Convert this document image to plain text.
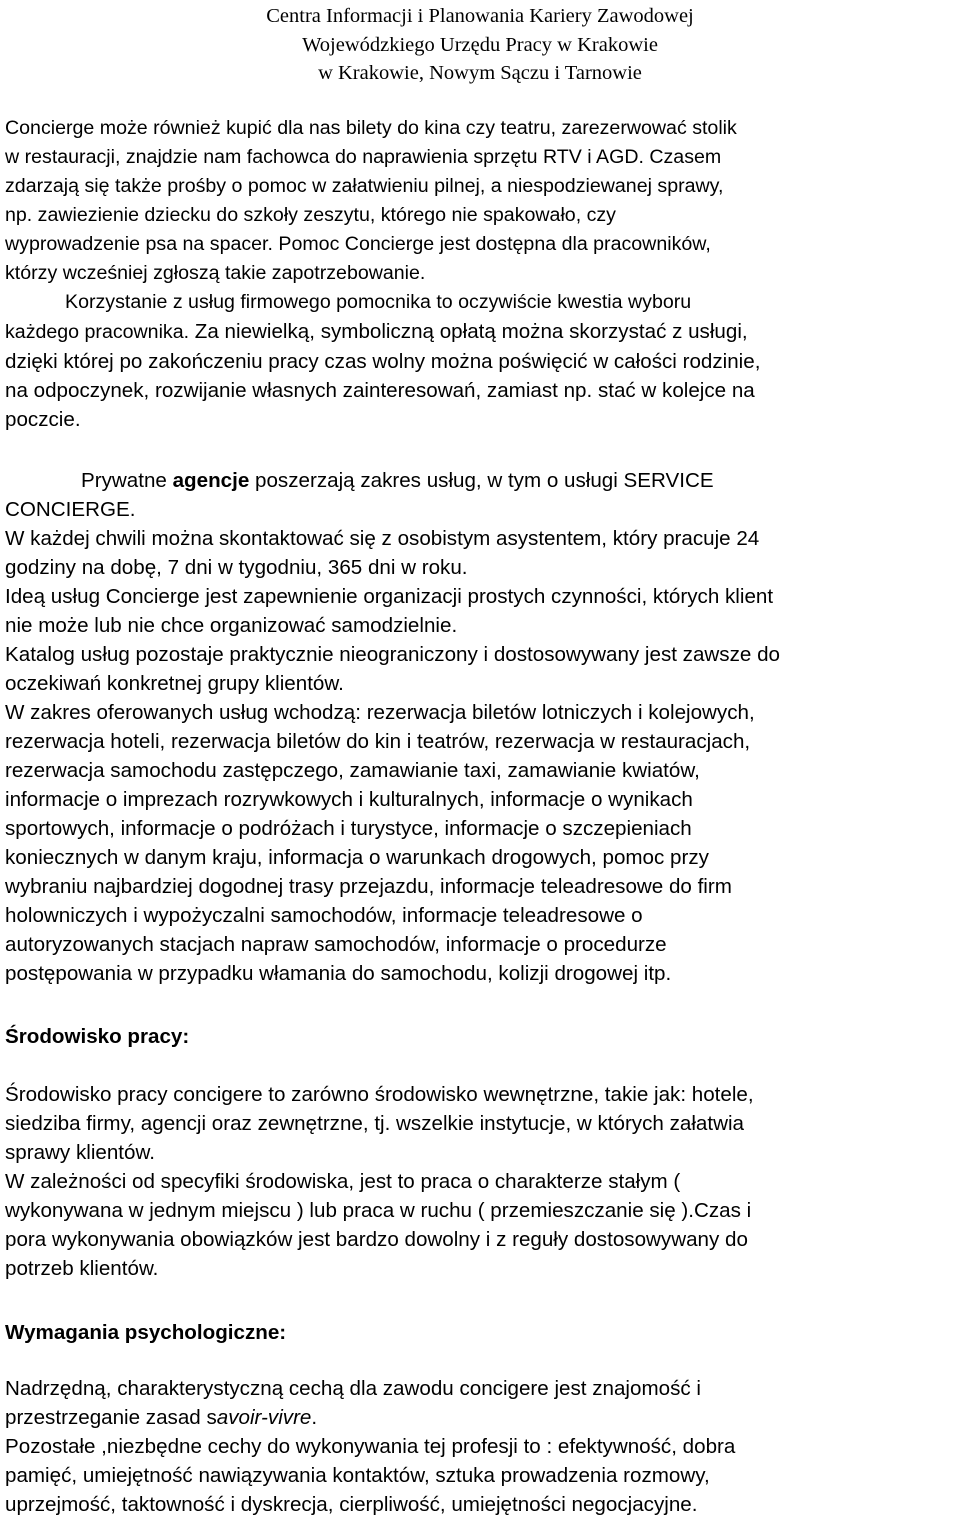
Centra Informacji i Planowania Kariery Zawodowej
Wojewódzkiego Urzędu Pracy w Krakowie
w Krakowie, Nowym Sączu i Tarnowie
Concierge może również kupić dla nas bilety do kina czy teatru, zarezerwować stolik
w restauracji, znajdzie nam fachowca do naprawienia sprzętu RTV i AGD. Czasem
zdarzają się także prośby o pomoc w załatwieniu pilnej, a niespodziewanej sprawy,
np. zawiezienie dziecku do szkoły zeszytu, którego nie spakowało, czy
wyprowadzenie psa na spacer. Pomoc Concierge jest dostępna dla pracowników,
którzy wcześniej zgłoszą takie zapotrzebowanie.
Korzystanie z usług firmowego pomocnika to oczywiście kwestia wyboru
każdego pracownika. Za niewielką, symboliczną opłatą można skorzystać z usługi,
dzięki której po zakończeniu pracy czas wolny można poświęcić w całości rodzinie,
na odpoczynek, rozwijanie własnych zainteresowań, zamiast np. stać w kolejce na
poczcie.
Prywatne agencje poszerzają zakres usług, w tym o usługi SERVICE
CONCIERGE.
W każdej chwili można skontaktować się z osobistym asystentem, który pracuje 24
godziny na dobę, 7 dni w tygodniu, 365 dni w roku.
Ideą usług Concierge jest zapewnienie organizacji prostych czynności, których klient
nie może lub nie chce organizować samodzielnie.
Katalog usług pozostaje praktycznie nieograniczony i dostosowywany jest zawsze do
oczekiwań konkretnej grupy klientów.
W zakres oferowanych usług wchodzą: rezerwacja biletów lotniczych i kolejowych,
rezerwacja hoteli, rezerwacja biletów do kin i teatrów, rezerwacja w restauracjach,
rezerwacja samochodu zastępczego, zamawianie taxi, zamawianie kwiatów,
informacje o imprezach rozrywkowych i kulturalnych, informacje o wynikach
sportowych, informacje o podróżach i turystyce, informacje o szczepieniach
koniecznych w danym kraju, informacja o warunkach drogowych, pomoc przy
wybraniu najbardziej dogodnej trasy przejazdu, informacje teleadresowe do firm
holowniczych i wypożyczalni samochodów, informacje teleadresowe o
autoryzowanych stacjach napraw samochodów, informacje o procedurze
postępowania w przypadku włamania do samochodu, kolizji drogowej itp.
Środowisko pracy:
Środowisko pracy concigere to zarówno środowisko wewnętrzne, takie jak: hotele,
siedziba firmy, agencji oraz zewnętrzne, tj. wszelkie instytucje, w których załatwia
sprawy klientów.
W zależności od specyfiki środowiska, jest to praca o charakterze stałym (
wykonywana w jednym miejscu ) lub praca w ruchu ( przemieszczanie się ).Czas i
pora wykonywania obowiązków jest bardzo dowolny i z reguły dostosowywany do
potrzeb klientów.
Wymagania psychologiczne:
Nadrzędną, charakterystyczną cechą dla zawodu concigere jest znajomość i
przestrzeganie zasad savoir-vivre.
Pozostałe ,niezbędne cechy do wykonywania tej profesji to : efektywność, dobra
pamięć, umiejętność nawiązywania kontaktów, sztuka prowadzenia rozmowy,
uprzejmość, taktowność i dyskrecja, cierpliwość, umiejętności negocjacyjne.
